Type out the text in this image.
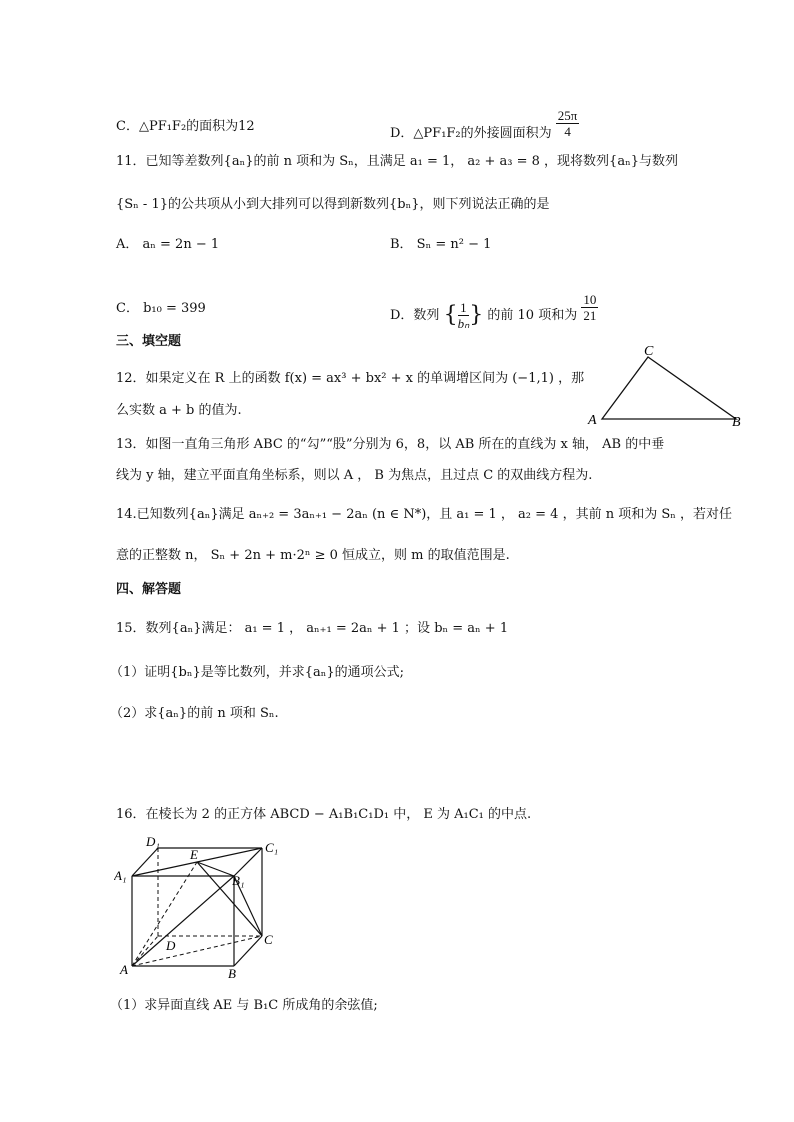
C．△PF₁F₂的面积为12	D．△PF₁F₂的外接圆面积为 $\frac{25\pi}{4}$
11．已知等差数列{aₙ}的前 n 项和为 Sₙ，且满足 a₁ = 1， a₂ + a₃ = 8 ，现将数列{aₙ}与数列
{Sₙ - 1}的公共项从小到大排列可以得到新数列{bₙ}，则下列说法正确的是
A． aₙ = 2n − 1	B． Sₙ = n² − 1
C． b₁₀ = 399	D．数列 { $\frac{1}{\text{bₙ}}$ } 的前 10 项和为 $\frac{10}{21}$
三、填空题
12．如果定义在 R 上的函数 f(x) = ax³ + bx² + x 的单调增区间为 (−1,1) ，那
么实数 a + b 的值为.
C
A	B
13．如图一直角三角形 ABC 的“勾”“股”分别为 6，8，以 AB 所在的直线为 x 轴， AB 的中垂
线为 y 轴，建立平面直角坐标系，则以 A ， B 为焦点，且过点 C 的双曲线方程为.
14.已知数列{aₙ}满足 aₙ₊₂ = 3aₙ₊₁ − 2aₙ (n ∈ N*)，且 a₁ = 1 ， a₂ = 4 ，其前 n 项和为 Sₙ ，若对任
意的正整数 n， Sₙ + 2n + m·2ⁿ ≥ 0 恒成立，则 m 的取值范围是.
四、解答题
15．数列{aₙ}满足： a₁ = 1 ， aₙ₊₁ = 2aₙ + 1 ；设 bₙ = aₙ + 1
（1）证明{bₙ}是等比数列，并求{aₙ}的通项公式;
（2）求{aₙ}的前 n 项和 Sₙ.
16．在棱长为 2 的正方体 ABCD − A₁B₁C₁D₁ 中， E 为 A₁C₁ 的中点.
D₁
E	C₁
A₁	B₁
D	C
A	B
（1）求异面直线 AE 与 B₁C 所成角的余弦值;
